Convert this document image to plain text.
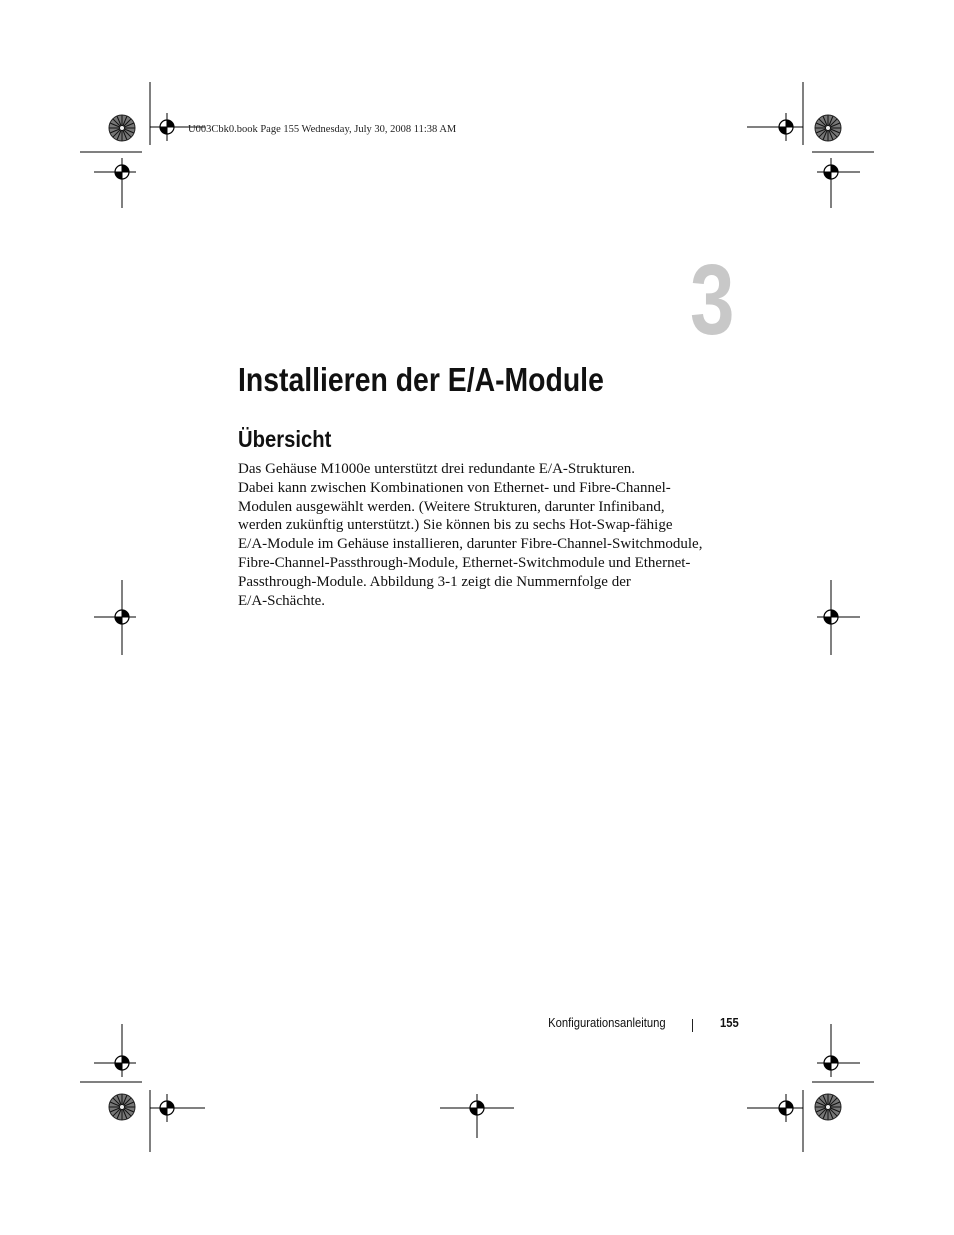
U003Cbk0.book Page 155 Wednesday, July 30, 2008 11:38 AM
3
Installieren der E/A-Module
Übersicht

Das Gehäuse M1000e unterstützt drei redundante E/A-Strukturen.
Dabei kann zwischen Kombinationen von Ethernet- und Fibre-Channel-
Modulen ausgewählt werden. (Weitere Strukturen, darunter Infiniband,
werden zukünftig unterstützt.) Sie können bis zu sechs Hot-Swap-fähige
E/A-Module im Gehäuse installieren, darunter Fibre-Channel-Switchmodule,
Fibre-Channel-Passthrough-Module, Ethernet-Switchmodule und Ethernet-
Passthrough-Module. Abbildung 3-1 zeigt die Nummernfolge der
E/A-Schächte.

Konfigurationsanleitung	155
